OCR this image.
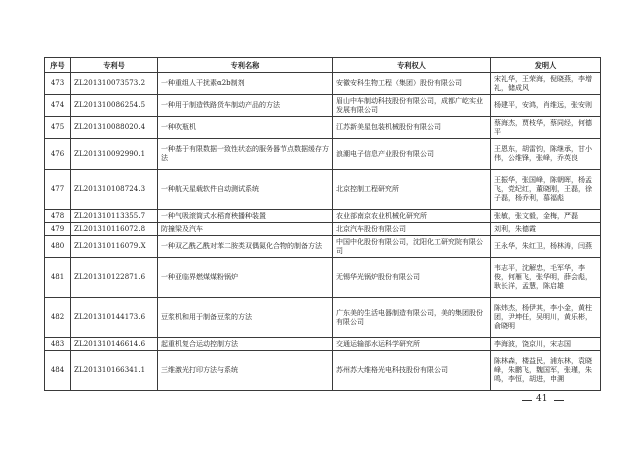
序号	专利号	专利名称	专利权人	发明人
473	ZL201310073573.2	一种重组人干扰素α2b制剂	安徽安科生物工程（集团）股份有限公司	宋礼华，王荣海，倪晓燕，李增礼，储成风
474	ZL201310086254.5	一种用于制造铁路货车制动产品的方法	眉山中车制动科技股份有限公司，成都广屹实业发展有限公司	杨建平，安鸿，肖维远，张安则
475	ZL201310088020.4	一种吹瓶机	江苏新美星包装机械股份有限公司	蔡海杰，贾枝华，蔡同经，何德平
476	ZL201310092990.1	一种基于有限数据一致性状态的服务器节点数据缓存方法	浪潮电子信息产业股份有限公司	王恩东，胡雷钧，陈继承，甘小伟，公维锋，张峰，乔英良
477	ZL201310108724.3	一种航天星载软件自动测试系统	北京控制工程研究所	王振华，张国峰，陈朝晖，杨孟飞，党纪红，董晓刚，王磊，徐子磊，杨乔利，慕福彪
478	ZL201310113355.7	一种气吸滚筒式水稻育秧播种装置	农业部南京农业机械化研究所	张敏，张文毅，金梅，严磊
479	ZL201310116072.8	防撞梁及汽车	北京汽车股份有限公司	刘利，朱德霞
480	ZL201310116079.X	一种双乙酰乙酰对苯二胺类双偶氮化合物的制备方法	中国中化股份有限公司，沈阳化工研究院有限公司	王永华，朱红卫，杨林涛，闫燕
481	ZL201310122871.6	一种亚临界燃煤煤粉锅炉	无锡华光锅炉股份有限公司	韦志平，沈解忠，毛军华，李俊，何雁飞，张华明，薛会彪，耿长洋，孟慧，陈启雄
482	ZL201310144173.6	豆浆机和用于制备豆浆的方法	广东美的生活电器制造有限公司，美的集团股份有限公司	陈炜杰，杨伊其，李小金，黄柱团，尹坤任，吴明川，黄乐彬，俞晓明
483	ZL201310146614.6	起重机复合运动控制方法	交通运输部水运科学研究所	李海波，饶京川，宋志国
484	ZL201310166341.1	三维激光打印方法与系统	苏州苏大维格光电科技股份有限公司	陈林森，楼益民，浦东林，袁晓峰，朱鹏飞，魏国军，张瑾，朱鸣，李恒，胡进，申溯
41
